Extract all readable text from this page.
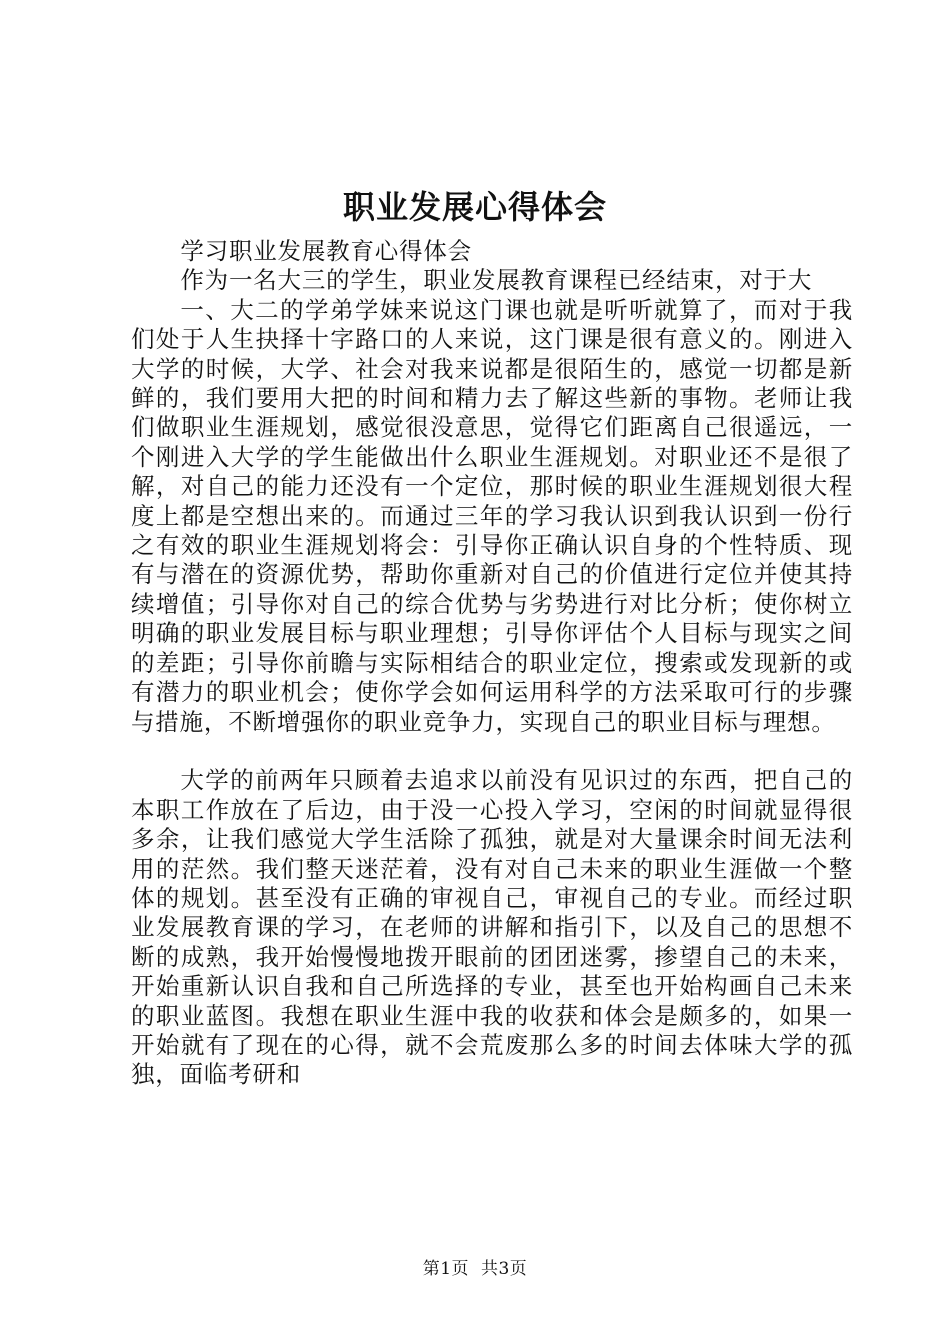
职业发展心得体会

学习职业发展教育心得体会

作为一名大三的学生，职业发展教育课程已经结束，对于大

一、大二的学弟学妹来说这门课也就是听听就算了，而对于我们处于人生抉择十字路口的人来说，这门课是很有意义的。刚进入大学的时候，大学、社会对我来说都是很陌生的，感觉一切都是新鲜的，我们要用大把的时间和精力去了解这些新的事物。老师让我们做职业生涯规划，感觉很没意思，觉得它们距离自己很遥远，一个刚进入大学的学生能做出什么职业生涯规划。对职业还不是很了解，对自己的能力还没有一个定位，那时候的职业生涯规划很大程度上都是空想出来的。而通过三年的学习我认识到我认识到一份行之有效的职业生涯规划将会：引导你正确认识自身的个性特质、现有与潜在的资源优势，帮助你重新对自己的价值进行定位并使其持续增值；引导你对自己的综合优势与劣势进行对比分析；使你树立明确的职业发展目标与职业理想；引导你评估个人目标与现实之间的差距；引导你前瞻与实际相结合的职业定位，搜索或发现新的或有潜力的职业机会；使你学会如何运用科学的方法采取可行的步骤与措施，不断增强你的职业竞争力，实现自己的职业目标与理想。

大学的前两年只顾着去追求以前没有见识过的东西，把自己的本职工作放在了后边，由于没一心投入学习，空闲的时间就显得很多余，让我们感觉大学生活除了孤独，就是对大量课余时间无法利用的茫然。我们整天迷茫着，没有对自己未来的职业生涯做一个整体的规划。甚至没有正确的审视自己，审视自己的专业。而经过职业发展教育课的学习，在老师的讲解和指引下，以及自己的思想不断的成熟，我开始慢慢地拨开眼前的团团迷雾，掺望自己的未来，开始重新认识自我和自己所选择的专业，甚至也开始构画自己未来的职业蓝图。我想在职业生涯中我的收获和体会是颇多的，如果一开始就有了现在的心得，就不会荒废那么多的时间去体味大学的孤独，面临考研和

第1页 共3页
